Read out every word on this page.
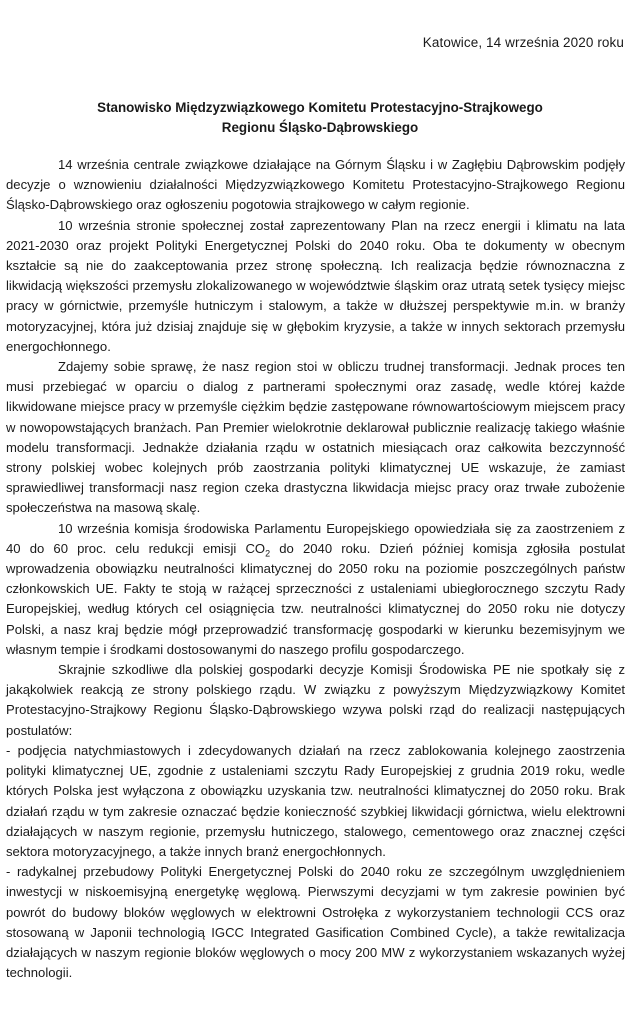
Katowice, 14 września 2020 roku
Stanowisko Międzyzwiązkowego Komitetu Protestacyjno-Strajkowego
Regionu Śląsko-Dąbrowskiego

14 września centrale związkowe działające na Górnym Śląsku i w Zagłębiu Dąbrowskim podjęły decyzje o wznowieniu działalności Międzyzwiązkowego Komitetu Protestacyjno-Strajkowego Regionu Śląsko-Dąbrowskiego oraz ogłoszeniu pogotowia strajkowego w całym regionie.

10 września stronie społecznej został zaprezentowany Plan na rzecz energii i klimatu na lata 2021-2030 oraz projekt Polityki Energetycznej Polski do 2040 roku. Oba te dokumenty w obecnym kształcie są nie do zaakceptowania przez stronę społeczną. Ich realizacja będzie równoznaczna z likwidacją większości przemysłu zlokalizowanego w województwie śląskim oraz utratą setek tysięcy miejsc pracy w górnictwie, przemyśle hutniczym i stalowym, a także w dłuższej perspektywie m.in. w branży motoryzacyjnej, która już dzisiaj znajduje się w głębokim kryzysie, a także w innych sektorach przemysłu energochłonnego.

Zdajemy sobie sprawę, że nasz region stoi w obliczu trudnej transformacji. Jednak proces ten musi przebiegać w oparciu o dialog z partnerami społecznymi oraz zasadę, wedle której każde likwidowane miejsce pracy w przemyśle ciężkim będzie zastępowane równowartościowym miejscem pracy w nowopowstających branżach. Pan Premier wielokrotnie deklarował publicznie realizację takiego właśnie modelu transformacji. Jednakże działania rządu w ostatnich miesiącach oraz całkowita bezczynność strony polskiej wobec kolejnych prób zaostrzania polityki klimatycznej UE wskazuje, że zamiast sprawiedliwej transformacji nasz region czeka drastyczna likwidacja miejsc pracy oraz trwałe zubożenie społeczeństwa na masową skalę.

10 września komisja środowiska Parlamentu Europejskiego opowiedziała się za zaostrzeniem z 40 do 60 proc. celu redukcji emisji $CO_2$ do 2040 roku. Dzień później komisja zgłosiła postulat wprowadzenia obowiązku neutralności klimatycznej do 2050 roku na poziomie poszczególnych państw członkowskich UE. Fakty te stoją w rażącej sprzeczności z ustaleniami ubiegłorocznego szczytu Rady Europejskiej, według których cel osiągnięcia tzw. neutralności klimatycznej do 2050 roku nie dotyczy Polski, a nasz kraj będzie mógł przeprowadzić transformację gospodarki w kierunku bezemisyjnym we własnym tempie i środkami dostosowanymi do naszego profilu gospodarczego.

Skrajnie szkodliwe dla polskiej gospodarki decyzje Komisji Środowiska PE nie spotkały się z jakąkolwiek reakcją ze strony polskiego rządu. W związku z powyższym Międzyzwiązkowy Komitet Protestacyjno-Strajkowy Regionu Śląsko-Dąbrowskiego wzywa polski rząd do realizacji następujących postulatów:

- podjęcia natychmiastowych i zdecydowanych działań na rzecz zablokowania kolejnego zaostrzenia polityki klimatycznej UE, zgodnie z ustaleniami szczytu Rady Europejskiej z grudnia 2019 roku, wedle których Polska jest wyłączona z obowiązku uzyskania tzw. neutralności klimatycznej do 2050 roku. Brak działań rządu w tym zakresie oznaczać będzie konieczność szybkiej likwidacji górnictwa, wielu elektrowni działających w naszym regionie, przemysłu hutniczego, stalowego, cementowego oraz znacznej części sektora motoryzacyjnego, a także innych branż energochłonnych.

- radykalnej przebudowy Polityki Energetycznej Polski do 2040 roku ze szczególnym uwzględnieniem inwestycji w niskoemisyjną energetykę węglową. Pierwszymi decyzjami w tym zakresie powinien być powrót do budowy bloków węglowych w elektrowni Ostrołęka z wykorzystaniem technologii CCS oraz stosowaną w Japonii technologią IGCC Integrated Gasification Combined Cycle), a także rewitalizacja działających w naszym regionie bloków węglowych o mocy 200 MW z wykorzystaniem wskazanych wyżej technologii.
